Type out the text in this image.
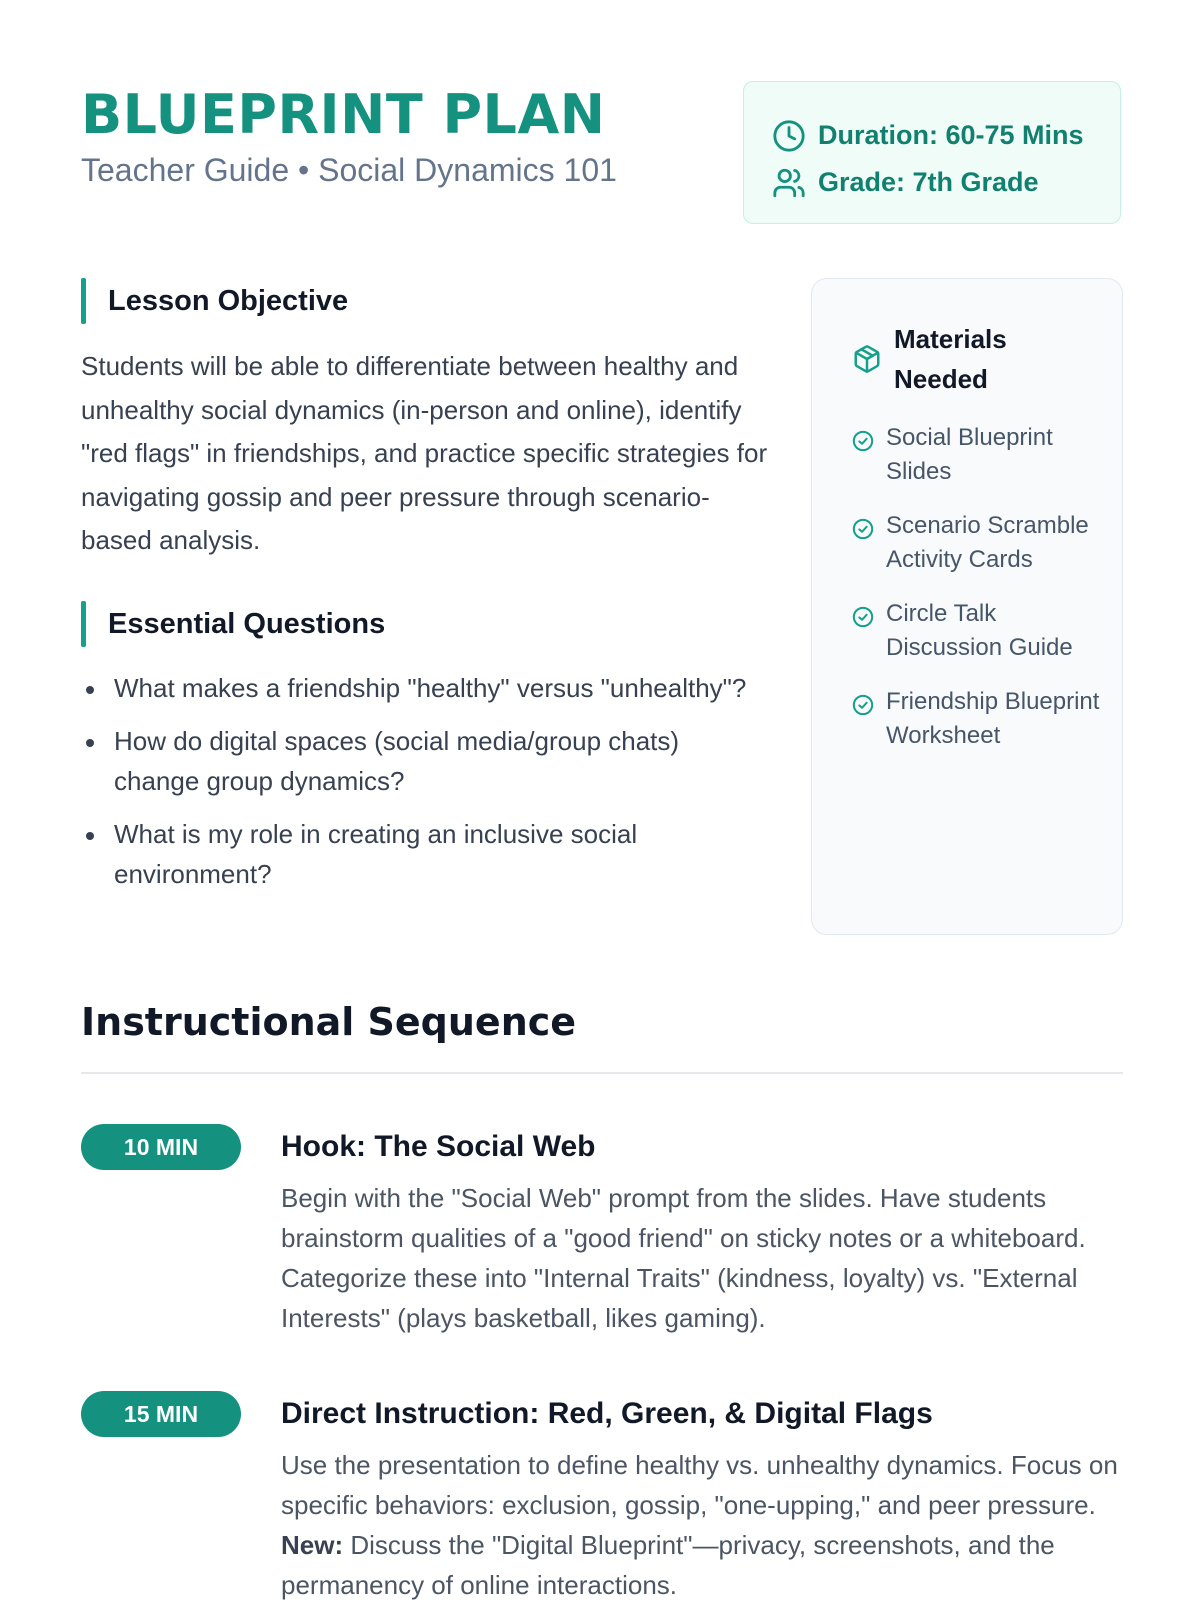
BLUEPRINT PLAN
Teacher Guide • Social Dynamics 101
Duration: 60-75 Mins
Grade: 7th Grade
Lesson Objective

Students will be able to differentiate between healthy and unhealthy social dynamics (in-person and online), identify "red flags" in friendships, and practice specific strategies for navigating gossip and peer pressure through scenario-based analysis.

Essential Questions
What makes a friendship "healthy" versus "unhealthy"?
How do digital spaces (social media/group chats) change group dynamics?
What is my role in creating an inclusive social environment?
Materials Needed
Social Blueprint Slides
Scenario Scramble Activity Cards
Circle Talk Discussion Guide
Friendship Blueprint Worksheet
Instructional Sequence
10 MIN	Hook: The Social Web

Begin with the "Social Web" prompt from the slides. Have students brainstorm qualities of a "good friend" on sticky notes or a whiteboard. Categorize these into "Internal Traits" (kindness, loyalty) vs. "External Interests" (plays basketball, likes gaming).

15 MIN	Direct Instruction: Red, Green, & Digital Flags

Use the presentation to define healthy vs. unhealthy dynamics. Focus on specific behaviors: exclusion, gossip, "one-upping," and peer pressure. New: Discuss the "Digital Blueprint"—privacy, screenshots, and the permanency of online interactions.
